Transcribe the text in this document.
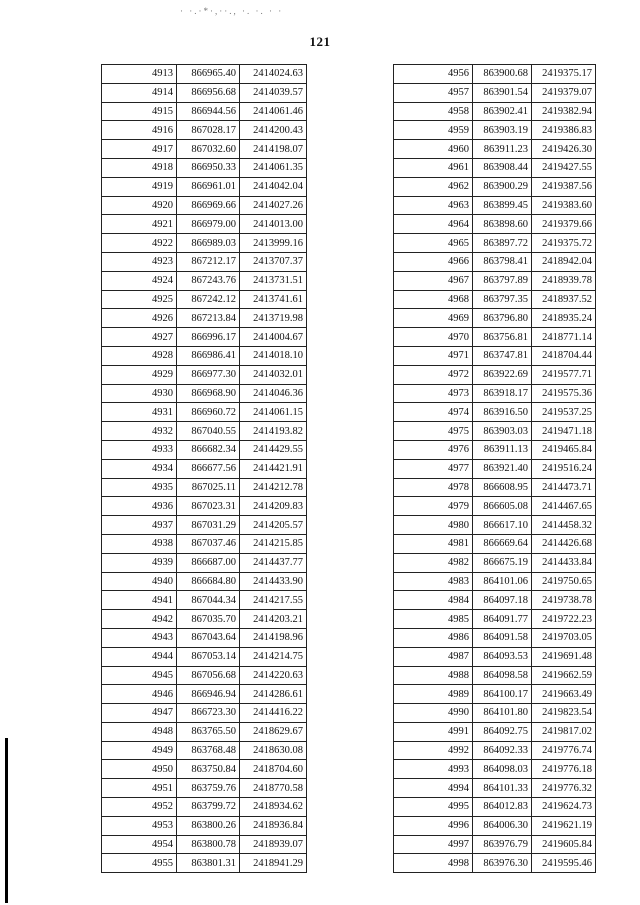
· ·.·*·,··., ·. ·. · ·
121
4913	866965.40	2414024.63
4914	866956.68	2414039.57
4915	866944.56	2414061.46
4916	867028.17	2414200.43
4917	867032.60	2414198.07
4918	866950.33	2414061.35
4919	866961.01	2414042.04
4920	866969.66	2414027.26
4921	866979.00	2414013.00
4922	866989.03	2413999.16
4923	867212.17	2413707.37
4924	867243.76	2413731.51
4925	867242.12	2413741.61
4926	867213.84	2413719.98
4927	866996.17	2414004.67
4928	866986.41	2414018.10
4929	866977.30	2414032.01
4930	866968.90	2414046.36
4931	866960.72	2414061.15
4932	867040.55	2414193.82
4933	866682.34	2414429.55
4934	866677.56	2414421.91
4935	867025.11	2414212.78
4936	867023.31	2414209.83
4937	867031.29	2414205.57
4938	867037.46	2414215.85
4939	866687.00	2414437.77
4940	866684.80	2414433.90
4941	867044.34	2414217.55
4942	867035.70	2414203.21
4943	867043.64	2414198.96
4944	867053.14	2414214.75
4945	867056.68	2414220.63
4946	866946.94	2414286.61
4947	866723.30	2414416.22
4948	863765.50	2418629.67
4949	863768.48	2418630.08
4950	863750.84	2418704.60
4951	863759.76	2418770.58
4952	863799.72	2418934.62
4953	863800.26	2418936.84
4954	863800.78	2418939.07
4955	863801.31	2418941.29
4956	863900.68	2419375.17
4957	863901.54	2419379.07
4958	863902.41	2419382.94
4959	863903.19	2419386.83
4960	863911.23	2419426.30
4961	863908.44	2419427.55
4962	863900.29	2419387.56
4963	863899.45	2419383.60
4964	863898.60	2419379.66
4965	863897.72	2419375.72
4966	863798.41	2418942.04
4967	863797.89	2418939.78
4968	863797.35	2418937.52
4969	863796.80	2418935.24
4970	863756.81	2418771.14
4971	863747.81	2418704.44
4972	863922.69	2419577.71
4973	863918.17	2419575.36
4974	863916.50	2419537.25
4975	863903.03	2419471.18
4976	863911.13	2419465.84
4977	863921.40	2419516.24
4978	866608.95	2414473.71
4979	866605.08	2414467.65
4980	866617.10	2414458.32
4981	866669.64	2414426.68
4982	866675.19	2414433.84
4983	864101.06	2419750.65
4984	864097.18	2419738.78
4985	864091.77	2419722.23
4986	864091.58	2419703.05
4987	864093.53	2419691.48
4988	864098.58	2419662.59
4989	864100.17	2419663.49
4990	864101.80	2419823.54
4991	864092.75	2419817.02
4992	864092.33	2419776.74
4993	864098.03	2419776.18
4994	864101.33	2419776.32
4995	864012.83	2419624.73
4996	864006.30	2419621.19
4997	863976.79	2419605.84
4998	863976.30	2419595.46
